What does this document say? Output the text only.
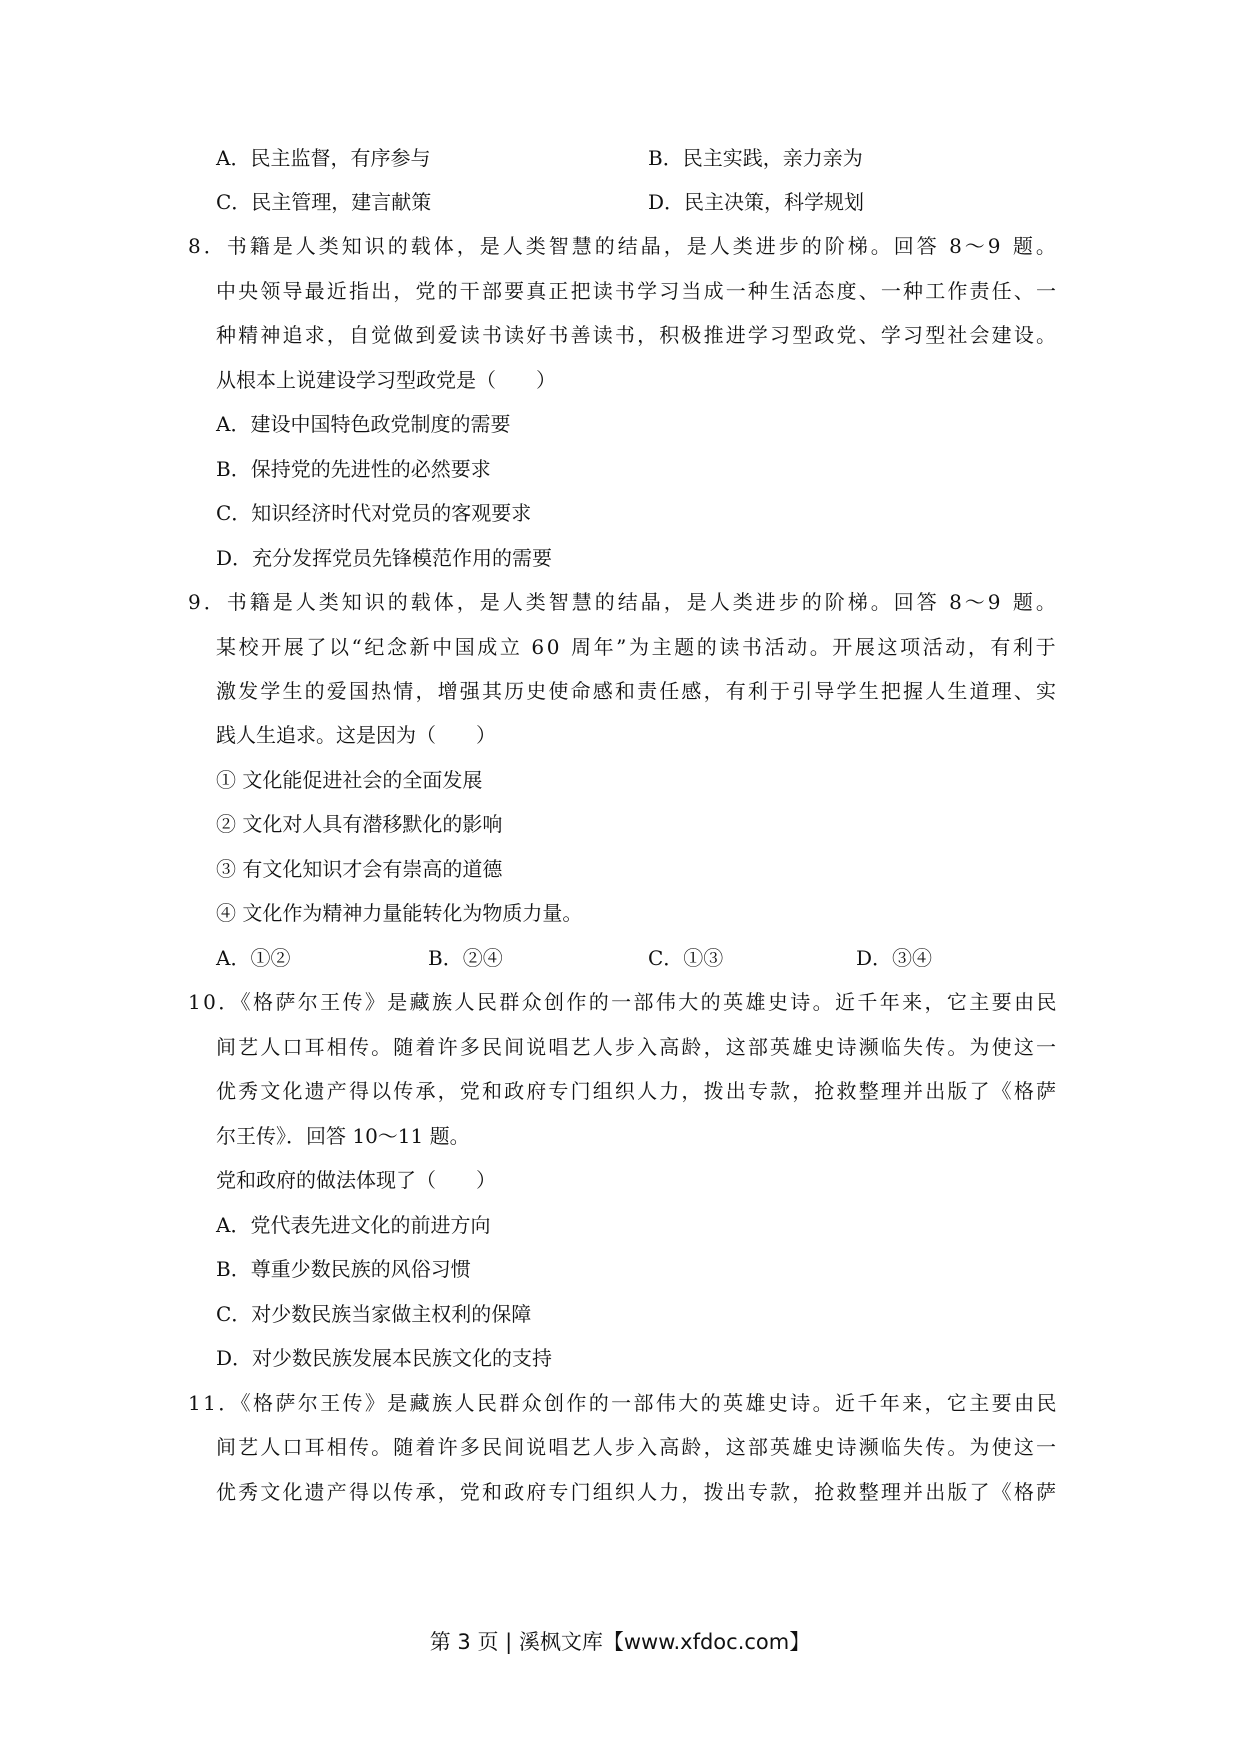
A．民主监督，有序参与	B．民主实践，亲力亲为
C．民主管理，建言献策	D．民主决策，科学规划
8．书籍是人类知识的载体，是人类智慧的结晶，是人类进步的阶梯。回答 8～9 题。
中央领导最近指出，党的干部要真正把读书学习当成一种生活态度、一种工作责任、一
种精神追求，自觉做到爱读书读好书善读书，积极推进学习型政党、学习型社会建设。
从根本上说建设学习型政党是（　　）
A．建设中国特色政党制度的需要
B．保持党的先进性的必然要求
C．知识经济时代对党员的客观要求
D．充分发挥党员先锋模范作用的需要
9．书籍是人类知识的载体，是人类智慧的结晶，是人类进步的阶梯。回答 8～9 题。
某校开展了以“纪念新中国成立 60 周年”为主题的读书活动。开展这项活动，有利于
激发学生的爱国热情，增强其历史使命感和责任感，有利于引导学生把握人生道理、实
践人生追求。这是因为（　　）
① 文化能促进社会的全面发展
② 文化对人具有潜移默化的影响
③ 有文化知识才会有崇高的道德
④ 文化作为精神力量能转化为物质力量。
A．①②	B．②④	C．①③	D．③④
10．《格萨尔王传》是藏族人民群众创作的一部伟大的英雄史诗。近千年来，它主要由民
间艺人口耳相传。随着许多民间说唱艺人步入高龄，这部英雄史诗濒临失传。为使这一
优秀文化遗产得以传承，党和政府专门组织人力，拨出专款，抢救整理并出版了《格萨
尔王传》．回答 10～11 题。
党和政府的做法体现了（　　）
A．党代表先进文化的前进方向
B．尊重少数民族的风俗习惯
C．对少数民族当家做主权利的保障
D．对少数民族发展本民族文化的支持
11．《格萨尔王传》是藏族人民群众创作的一部伟大的英雄史诗。近千年来，它主要由民
间艺人口耳相传。随着许多民间说唱艺人步入高龄，这部英雄史诗濒临失传。为使这一
优秀文化遗产得以传承，党和政府专门组织人力，拨出专款，抢救整理并出版了《格萨
第 3 页 | 溪枫文库【www.xfdoc.com】
